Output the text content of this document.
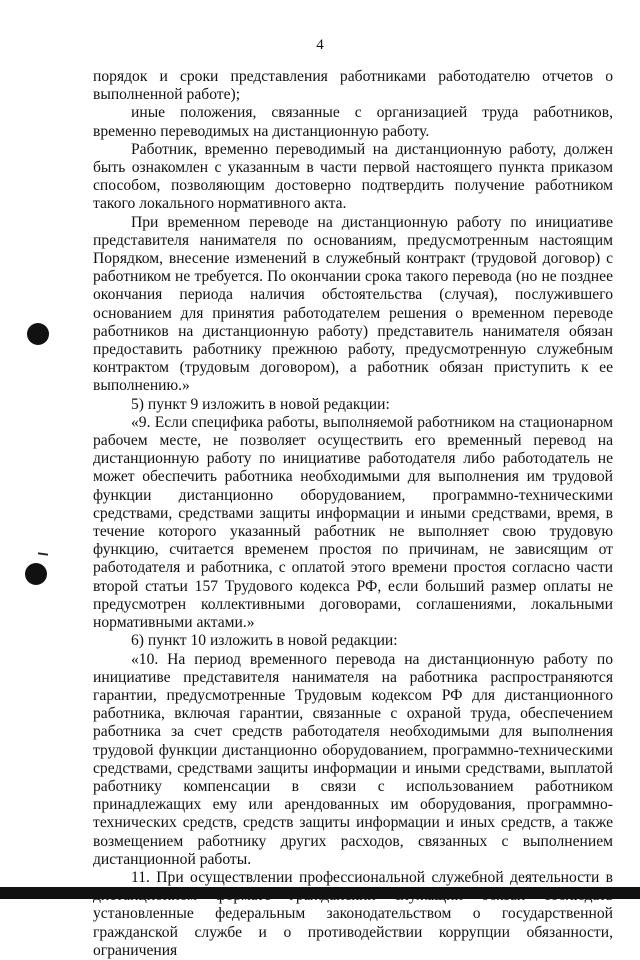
4

порядок и сроки представления работниками работодателю отчетов о выполненной работе);

иные положения, связанные с организацией труда работников, временно переводимых на дистанционную работу.

Работник, временно переводимый на дистанционную работу, должен быть ознакомлен с указанным в части первой настоящего пункта приказом способом, позволяющим достоверно подтвердить получение работником такого локального нормативного акта.

При временном переводе на дистанционную работу по инициативе представителя нанимателя по основаниям, предусмотренным настоящим Порядком, внесение изменений в служебный контракт (трудовой договор) с работником не требуется. По окончании срока такого перевода (но не позднее окончания периода наличия обстоятельства (случая), послужившего основанием для принятия работодателем решения о временном переводе работников на дистанционную работу) представитель нанимателя обязан предоставить работнику прежнюю работу, предусмотренную служебным контрактом (трудовым договором), а работник обязан приступить к ее выполнению.»

5) пункт 9 изложить в новой редакции:

«9. Если специфика работы, выполняемой работником на стационарном рабочем месте, не позволяет осуществить его временный перевод на дистанционную работу по инициативе работодателя либо работодатель не может обеспечить работника необходимыми для выполнения им трудовой функции дистанционно оборудованием, программно-техническими средствами, средствами защиты информации и иными средствами, время, в течение которого указанный работник не выполняет свою трудовую функцию, считается временем простоя по причинам, не зависящим от работодателя и работника, с оплатой этого времени простоя согласно части второй статьи 157 Трудового кодекса РФ, если больший размер оплаты не предусмотрен коллективными договорами, соглашениями, локальными нормативными актами.»

6) пункт 10 изложить в новой редакции:

«10. На период временного перевода на дистанционную работу по инициативе представителя нанимателя на работника распространяются гарантии, предусмотренные Трудовым кодексом РФ для дистанционного работника, включая гарантии, связанные с охраной труда, обеспечением работника за счет средств работодателя необходимыми для выполнения трудовой функции дистанционно оборудованием, программно-техническими средствами, средствами защиты информации и иными средствами, выплатой работнику компенсации в связи с использованием работником принадлежащих ему или арендованных им оборудования, программно-технических средств, средств защиты информации и иных средств, а также возмещением работнику других расходов, связанных с выполнением дистанционной работы.

11. При осуществлении профессиональной служебной деятельности в установленные федеральным законодательством о государственной гражданской службе и о противодействии коррупции обязанности, ограничения
